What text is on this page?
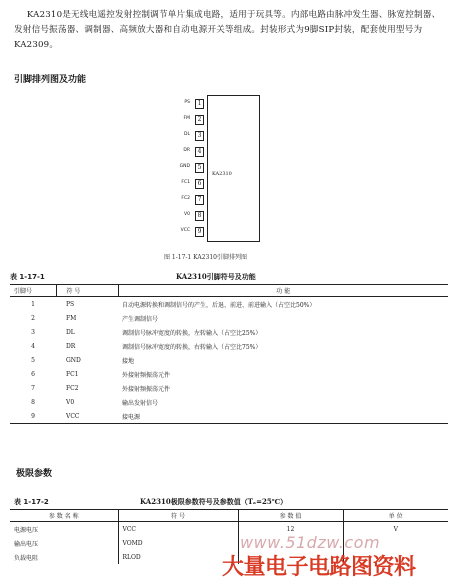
KA2310是无线电遥控发射控制调节单片集成电路，适用于玩具等。内部电路由脉冲发生器、脉宽控制器、发射信号振荡器、调制器、高频放大器和自动电源开关等组成。封装形式为9脚SIP封装，配套使用型号为KA2309。
引脚排列图及功能
KA2310
PS	1
FM	2
DL	3
DR	4
GND	5
FC1	6
FC2	7
V0	8
VCC	9
图 1-17-1 KA2310引脚排列图
表 1-17-1	KA2310引脚符号及功能
引脚号	符 号	功 能
1	PS	自动电源转换和调制信号的产生，后退、前进、前进输入（占空比50%）
2	FM	产生调制信号
3	DL	调制信号脉冲宽度的转换，左转输入（占空比25%）
4	DR	调制信号脉冲宽度的转换，右转输入（占空比75%）
5	GND	接地
6	FC1	外接射频振荡元件
7	FC2	外接射频振荡元件
8	V0	输出发射信号
9	VCC	接电源
极限参数
表 1-17-2	KA2310极限参数符号及参数值（Tₐ=25℃）
参 数 名 称	符 号	参 数 值	单 位
电源电压	VCC	12	V
输出电压	VOMD		
负载电阻	RLOD		
www.51dzw.com
大量电子电路图资料
